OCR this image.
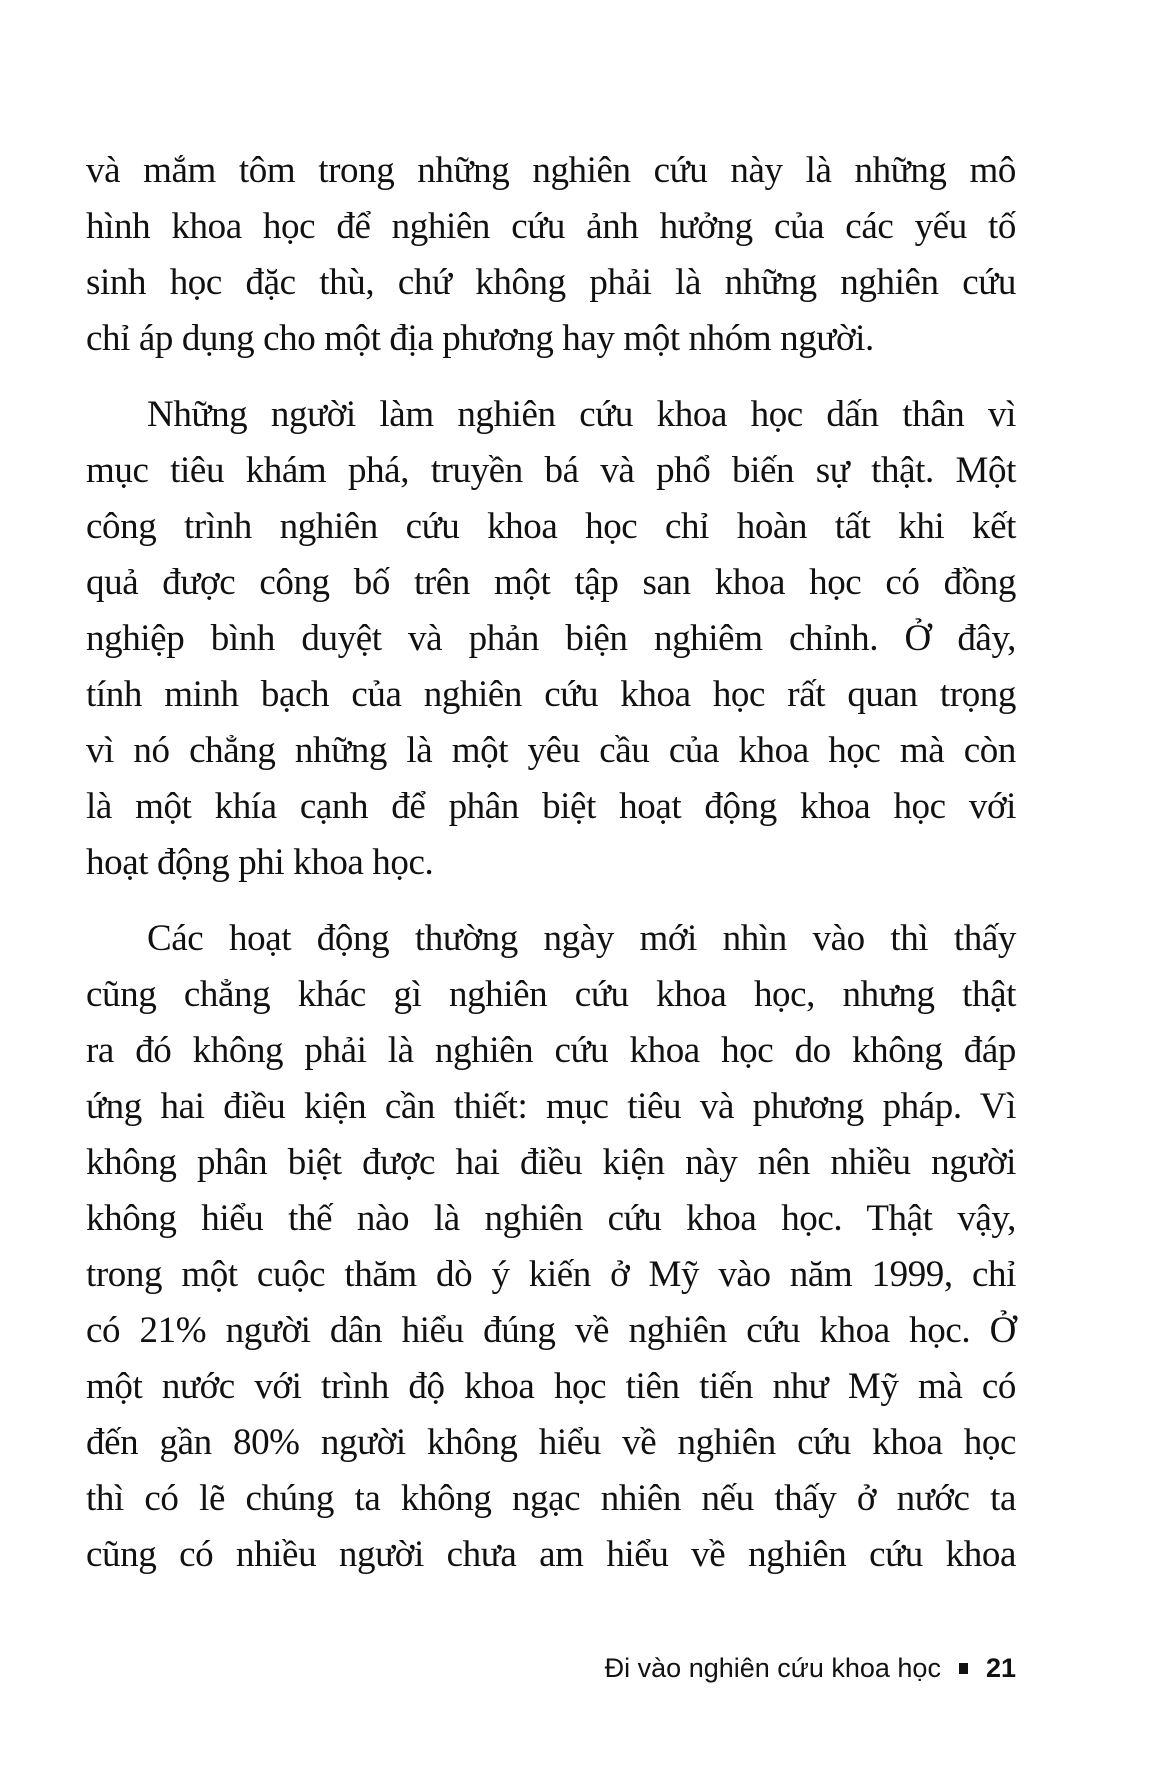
và mắm tôm trong những nghiên cứu này là những mô
hình khoa học để nghiên cứu ảnh hưởng của các yếu tố
sinh học đặc thù, chứ không phải là những nghiên cứu
chỉ áp dụng cho một địa phương hay một nhóm người.
Những người làm nghiên cứu khoa học dấn thân vì
mục tiêu khám phá, truyền bá và phổ biến sự thật. Một
công trình nghiên cứu khoa học chỉ hoàn tất khi kết
quả được công bố trên một tập san khoa học có đồng
nghiệp bình duyệt và phản biện nghiêm chỉnh. Ở đây,
tính minh bạch của nghiên cứu khoa học rất quan trọng
vì nó chẳng những là một yêu cầu của khoa học mà còn
là một khía cạnh để phân biệt hoạt động khoa học với
hoạt động phi khoa học.
Các hoạt động thường ngày mới nhìn vào thì thấy
cũng chẳng khác gì nghiên cứu khoa học, nhưng thật
ra đó không phải là nghiên cứu khoa học do không đáp
ứng hai điều kiện cần thiết: mục tiêu và phương pháp. Vì
không phân biệt được hai điều kiện này nên nhiều người
không hiểu thế nào là nghiên cứu khoa học. Thật vậy,
trong một cuộc thăm dò ý kiến ở Mỹ vào năm 1999, chỉ
có 21% người dân hiểu đúng về nghiên cứu khoa học. Ở
một nước với trình độ khoa học tiên tiến như Mỹ mà có
đến gần 80% người không hiểu về nghiên cứu khoa học
thì có lẽ chúng ta không ngạc nhiên nếu thấy ở nước ta
cũng có nhiều người chưa am hiểu về nghiên cứu khoa
Đi vào nghiên cứu khoa học 21
